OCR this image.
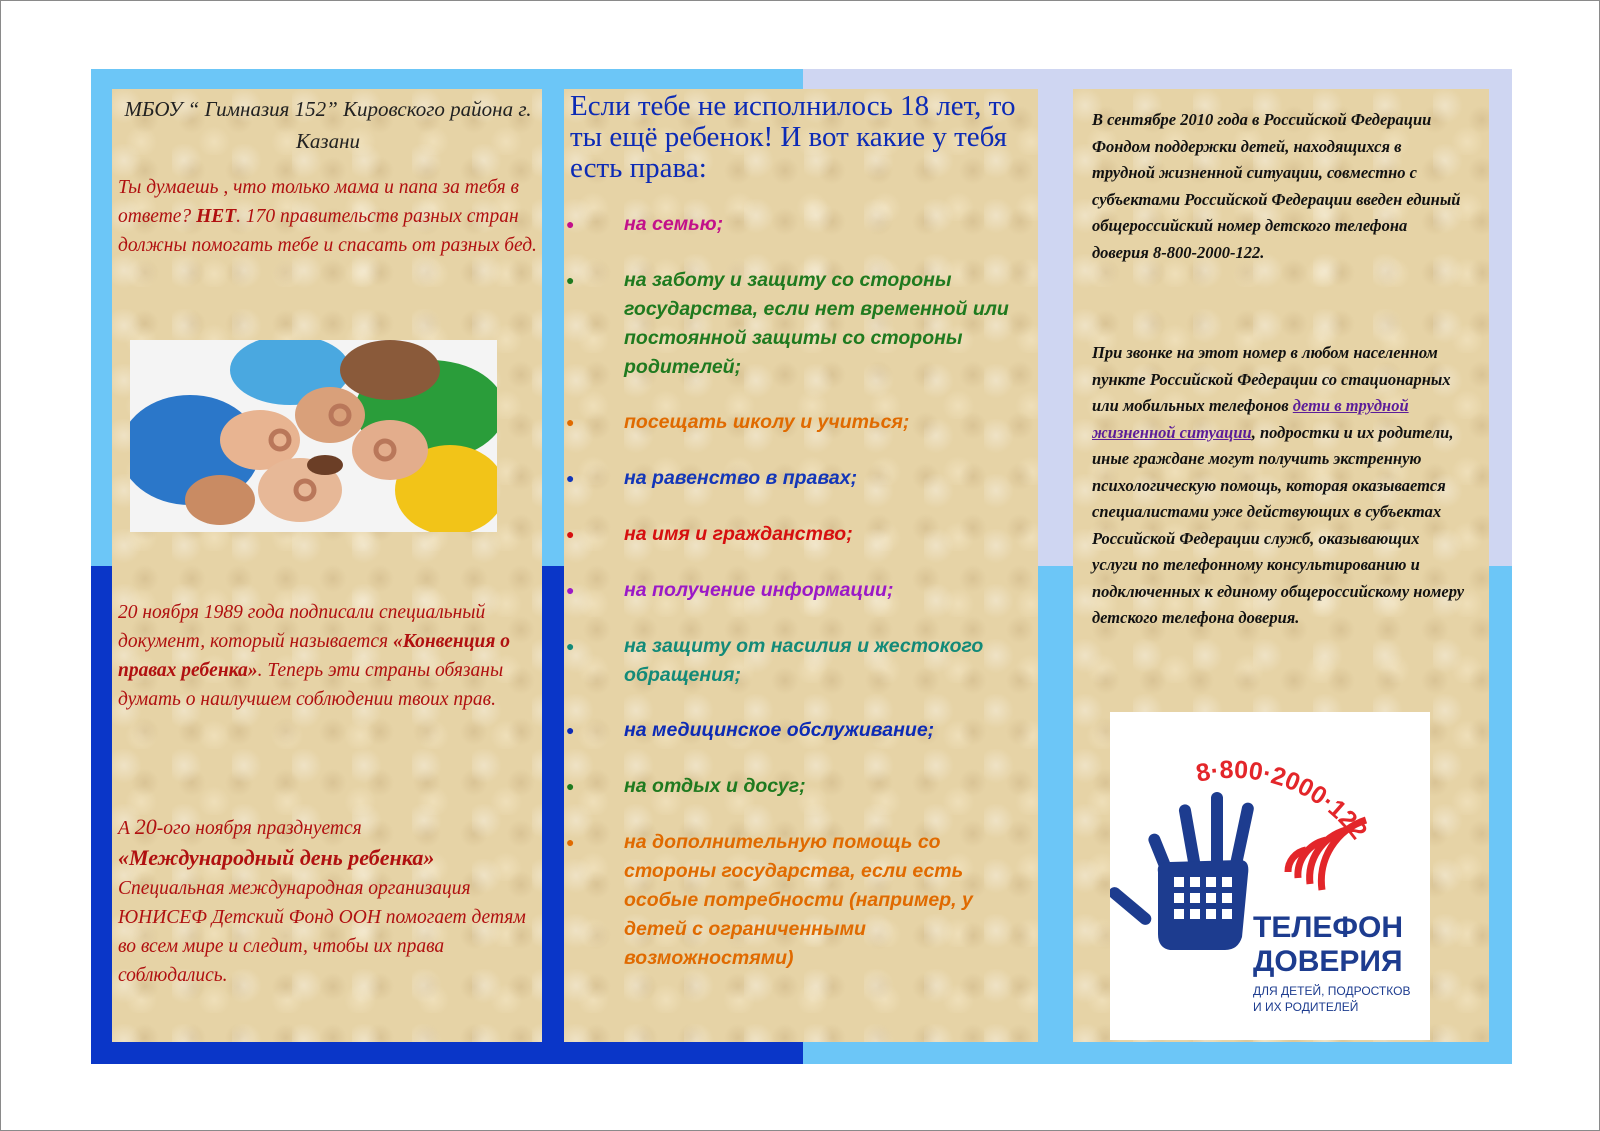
МБОУ “ Гимназия 152” Кировского района г. Казани
Ты думаешь , что только мама и папа за тебя в ответе? НЕТ. 170 правительств разных стран должны помогать тебе и спасать от разных бед.
20 ноября 1989 года подписали специальный документ, который называется «Конвенция о правах ребенка». Теперь эти страны обязаны думать о наилучшем соблюдении твоих прав.
А 20-ого ноября празднуется «Международный день ребенка» Специальная международная организация ЮНИСЕФ Детский Фонд ООН помогает детям во всем мире и следит, чтобы их права соблюдались.
Если тебе не исполнилось 18 лет, то ты ещё ребенок! И вот какие у тебя есть права:
●	на семью;
●	на заботу и защиту со стороны государства, если нет временной или постоянной защиты со стороны родителей;
●	посещать школу и учиться;
●	на равенство в правах;
●	на имя и гражданство;
●	на получение информации;
●	на защиту от насилия и жестокого обращения;
●	на медицинское обслуживание;
●	на отдых и досуг;
●	на дополнительную помощь со стороны государства, если есть особые потребности (например, у детей с ограниченными возможностями)
В сентябре 2010 года в Российской Федерации Фондом поддержки детей, находящихся в трудной жизненной ситуации, совместно с субъектами Российской Федерации введен единый общероссийский номер детского телефона доверия 8-800-2000-122.
При звонке на этот номер в любом населенном пункте Российской Федерации со стационарных или мобильных телефонов дети в трудной жизненной ситуации, подростки и их родители, иные граждане могут получить экстренную психологическую помощь, которая оказывается специалистами уже действующих в субъектах Российской Федерации служб, оказывающих услуги по телефонному консультированию и подключенных к единому общероссийскому номеру детского телефона доверия.
8·800·2000·122
ТЕЛЕФОН
ДОВЕРИЯ
ДЛЯ ДЕТЕЙ, ПОДРОСТКОВ
И ИХ РОДИТЕЛЕЙ
